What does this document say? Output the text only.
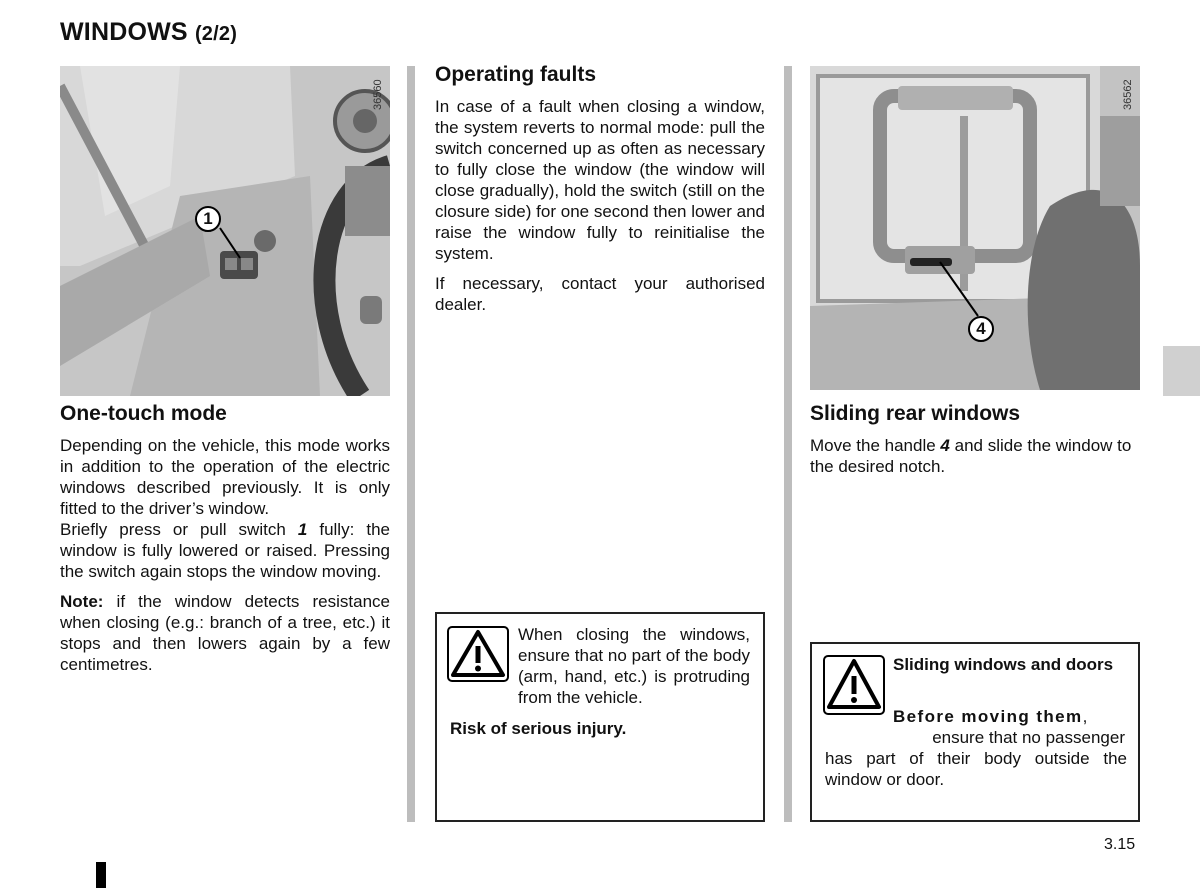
WINDOWS (2/2)
1
36560
4
36562
One-touch mode

Depending on the vehicle, this mode works in addition to the operation of the electric windows described previously. It is only fitted to the driver’s window.
Briefly press or pull switch 1 fully: the window is fully lowered or raised. Pressing the switch again stops the window moving.

Note: if the window detects resistance when closing (e.g.: branch of a tree, etc.) it stops and then lowers again by a few centimetres.

Operating faults

In case of a fault when closing a window, the system reverts to normal mode: pull the switch concerned up as often as necessary to fully close the window (the window will close gradually), hold the switch (still on the closure side) for one second then lower and raise the window fully to reinitialise the system.

If necessary, contact your authorised dealer.

When closing the windows, ensure that no part of the body (arm, hand, etc.) is protruding from the vehicle.
Risk of serious injury.
Sliding rear windows

Move the handle 4 and slide the window to the desired notch.

Sliding windows and doors
Before moving them,
ensure that no passenger
has part of their body outside the window or door.
3.15
